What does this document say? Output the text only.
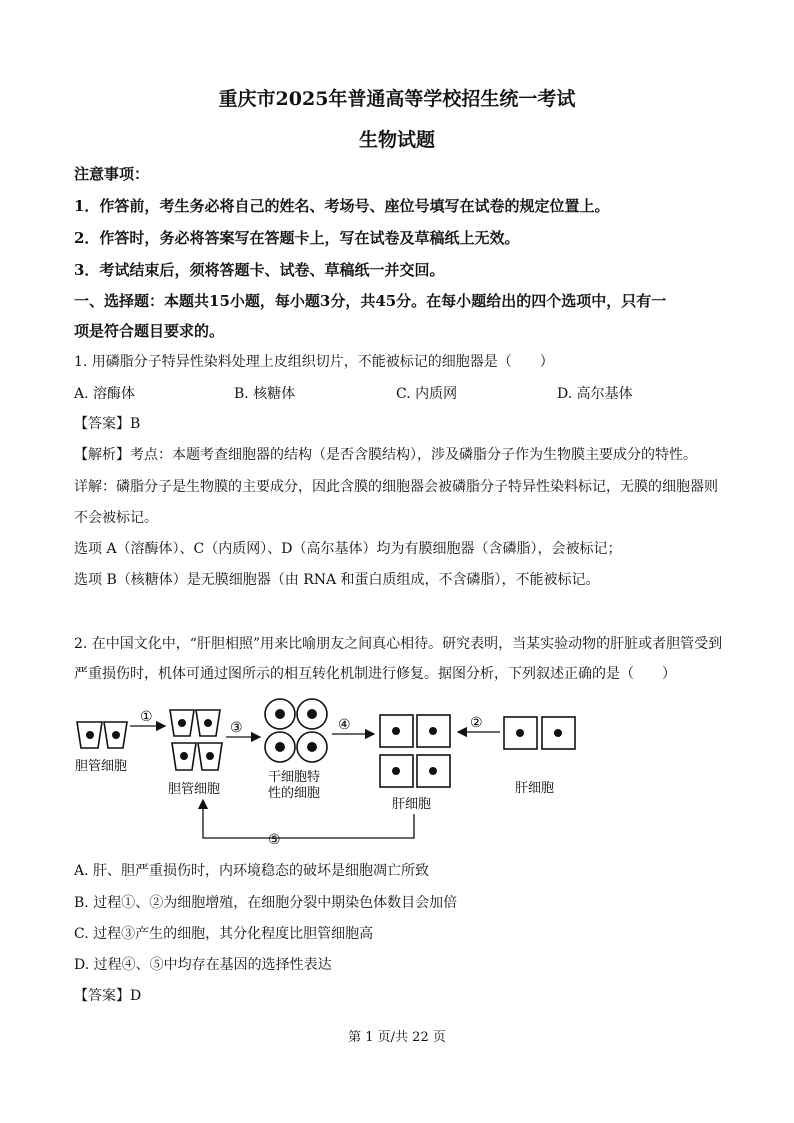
重庆市2025年普通高等学校招生统一考试
生物试题
注意事项：
1．作答前，考生务必将自己的姓名、考场号、座位号填写在试卷的规定位置上。
2．作答时，务必将答案写在答题卡上，写在试卷及草稿纸上无效。
3．考试结束后，须将答题卡、试卷、草稿纸一并交回。
一、选择题：本题共15小题，每小题3分，共45分。在每小题给出的四个选项中，只有一
项是符合题目要求的。
1. 用磷脂分子特异性染料处理上皮组织切片，不能被标记的细胞器是（　　）
A. 溶酶体	B. 核糖体	C. 内质网	D. 高尔基体
【答案】B
【解析】考点：本题考查细胞器的结构（是否含膜结构），涉及磷脂分子作为生物膜主要成分的特性。
详解：磷脂分子是生物膜的主要成分，因此含膜的细胞器会被磷脂分子特异性染料标记，无膜的细胞器则
不会被标记。
选项 A（溶酶体）、C（内质网）、D（高尔基体）均为有膜细胞器（含磷脂），会被标记；
选项 B（核糖体）是无膜细胞器（由 RNA 和蛋白质组成，不含磷脂），不能被标记。
2. 在中国文化中，“肝胆相照”用来比喻朋友之间真心相待。研究表明，当某实验动物的肝脏或者胆管受到
严重损伤时，机体可通过图所示的相互转化机制进行修复。据图分析，下列叙述正确的是（　　）
胆管细胞
①
胆管细胞
③
干细胞特
性的细胞
④
肝细胞
②
肝细胞
⑤
A. 肝、胆严重损伤时，内环境稳态的破坏是细胞凋亡所致
B. 过程①、②为细胞增殖，在细胞分裂中期染色体数目会加倍
C. 过程③产生的细胞，其分化程度比胆管细胞高
D. 过程④、⑤中均存在基因的选择性表达
【答案】D
第 1 页/共 22 页
